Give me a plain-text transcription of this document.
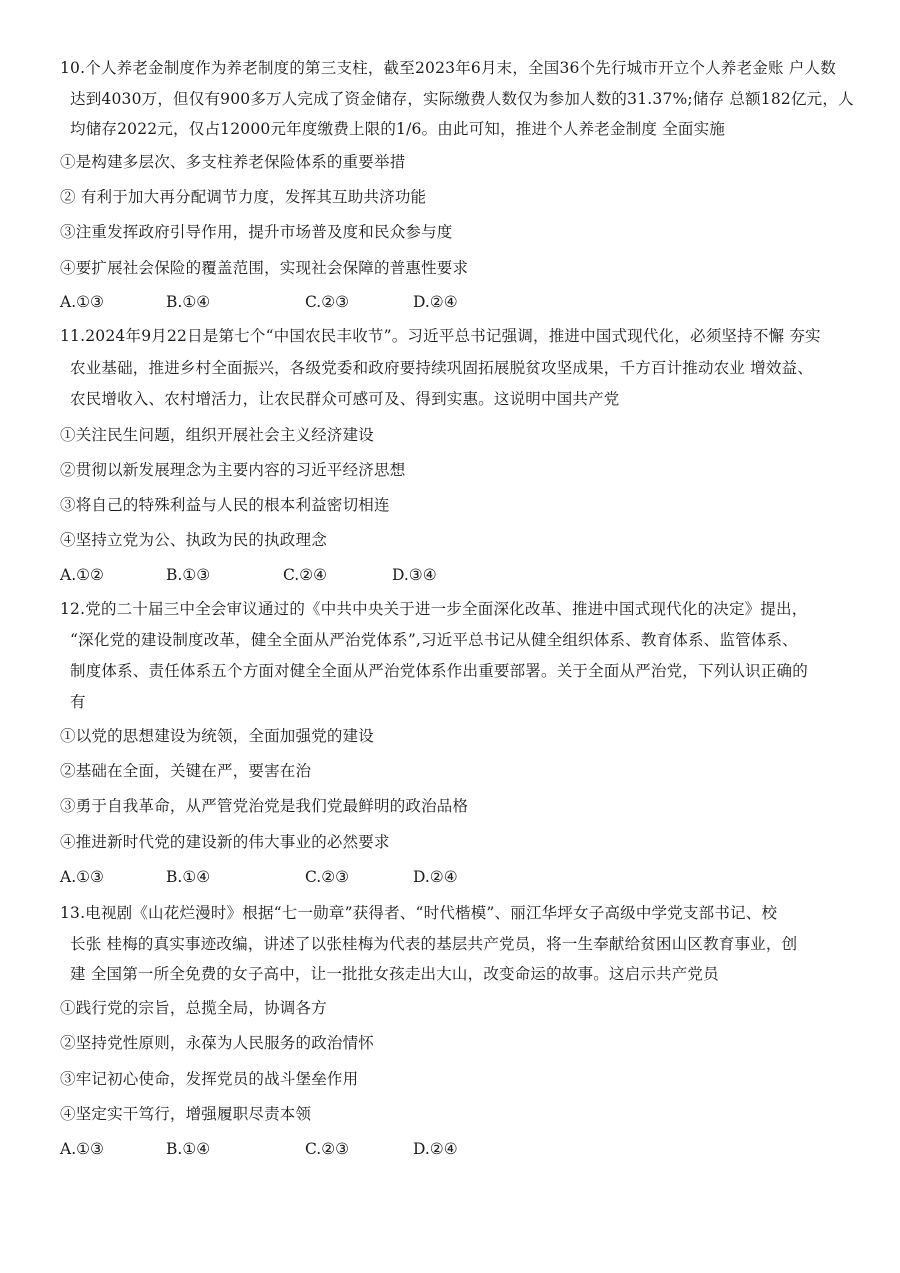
10.个人养老金制度作为养老制度的第三支柱，截至2023年6月末，全国36个先行城市开立个人养老金账 户人数
达到4030万，但仅有900多万人完成了资金储存，实际缴费人数仅为参加人数的31.37%;储存 总额182亿元，人
均储存2022元，仅占12000元年度缴费上限的1/6。由此可知，推进个人养老金制度 全面实施
①是构建多层次、多支柱养老保险体系的重要举措
② 有利于加大再分配调节力度，发挥其互助共济功能
③注重发挥政府引导作用，提升市场普及度和民众参与度
④要扩展社会保险的覆盖范围，实现社会保障的普惠性要求
A.①③	B.①④	C.②③	D.②④
11.2024年9月22日是第七个“中国农民丰收节”。习近平总书记强调，推进中国式现代化，必须坚持不懈 夯实
农业基础，推进乡村全面振兴，各级党委和政府要持续巩固拓展脱贫攻坚成果，千方百计推动农业 增效益、
农民增收入、农村增活力，让农民群众可感可及、得到实惠。这说明中国共产党
①关注民生问题，组织开展社会主义经济建设
②贯彻以新发展理念为主要内容的习近平经济思想
③将自己的特殊利益与人民的根本利益密切相连
④坚持立党为公、执政为民的执政理念
A.①②	B.①③	C.②④	D.③④
12.党的二十届三中全会审议通过的《中共中央关于进一步全面深化改革、推进中国式现代化的决定》提出，
“深化党的建设制度改革，健全全面从严治党体系”,习近平总书记从健全组织体系、教育体系、监管体系、
制度体系、责任体系五个方面对健全全面从严治党体系作出重要部署。关于全面从严治党，下列认识正确的
有
①以党的思想建设为统领，全面加强党的建设
②基础在全面，关键在严，要害在治
③勇于自我革命，从严管党治党是我们党最鲜明的政治品格
④推进新时代党的建设新的伟大事业的必然要求
A.①③	B.①④	C.②③	D.②④
13.电视剧《山花烂漫时》根据“七一勋章”获得者、“时代楷模”、丽江华坪女子高级中学党支部书记、校
长张 桂梅的真实事迹改编，讲述了以张桂梅为代表的基层共产党员，将一生奉献给贫困山区教育事业，创
建 全国第一所全免费的女子高中，让一批批女孩走出大山，改变命运的故事。这启示共产党员
①践行党的宗旨，总揽全局，协调各方
②坚持党性原则，永葆为人民服务的政治情怀
③牢记初心使命，发挥党员的战斗堡垒作用
④坚定实干笃行，增强履职尽责本领
A.①③	B.①④	C.②③	D.②④
